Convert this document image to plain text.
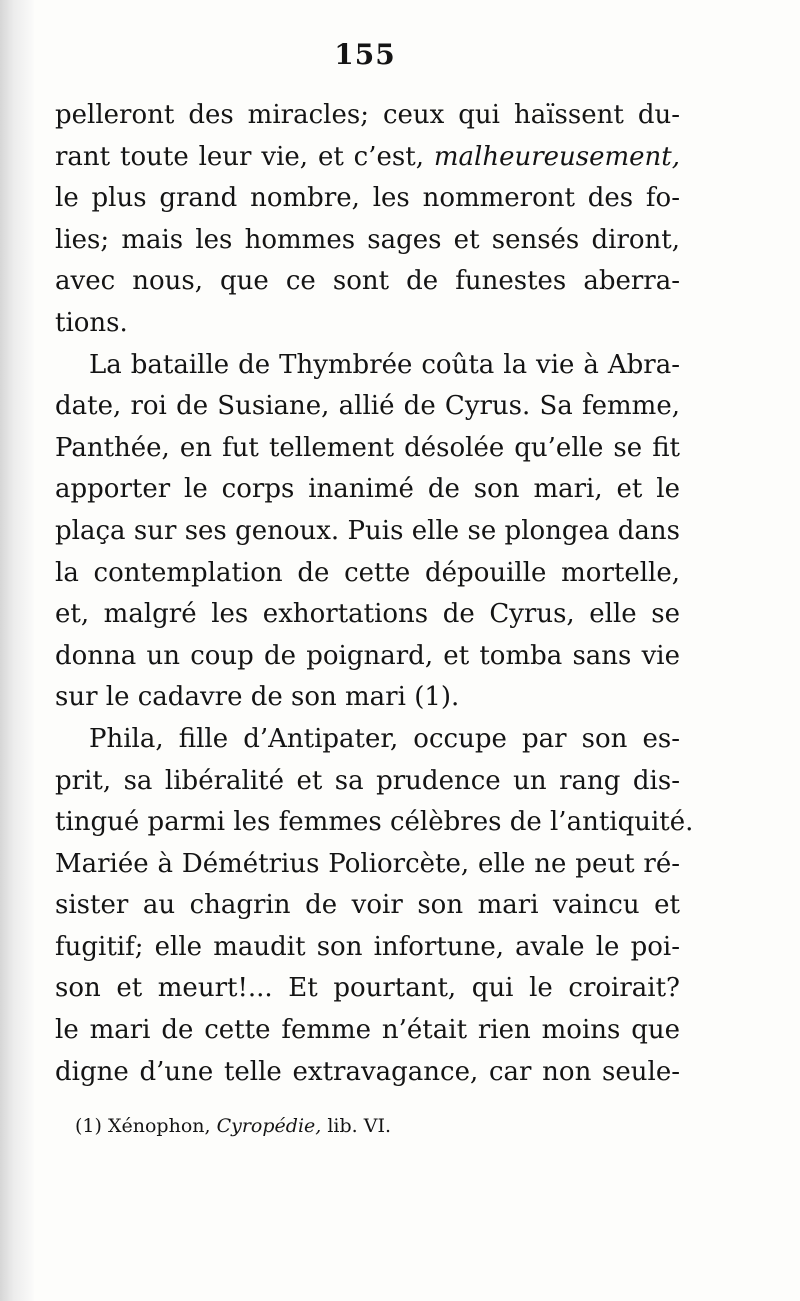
155
pelleront des miracles; ceux qui haïssent du-
rant toute leur vie, et c’est, malheureusement,
le plus grand nombre, les nommeront des fo-
lies; mais les hommes sages et sensés diront,
avec nous, que ce sont de funestes aberra-
tions.
La bataille de Thymbrée coûta la vie à Abra-
date, roi de Susiane, allié de Cyrus. Sa femme,
Panthée, en fut tellement désolée qu’elle se fit
apporter le corps inanimé de son mari, et le
plaça sur ses genoux. Puis elle se plongea dans
la contemplation de cette dépouille mortelle,
et, malgré les exhortations de Cyrus, elle se
donna un coup de poignard, et tomba sans vie
sur le cadavre de son mari (1).
Phila, fille d’Antipater, occupe par son es-
prit, sa libéralité et sa prudence un rang dis-
tingué parmi les femmes célèbres de l’antiquité.
Mariée à Démétrius Poliorcète, elle ne peut ré-
sister au chagrin de voir son mari vaincu et
fugitif; elle maudit son infortune, avale le poi-
son et meurt!... Et pourtant, qui le croirait?
le mari de cette femme n’était rien moins que
digne d’une telle extravagance, car non seule-
(1) Xénophon, Cyropédie, lib. VI.
